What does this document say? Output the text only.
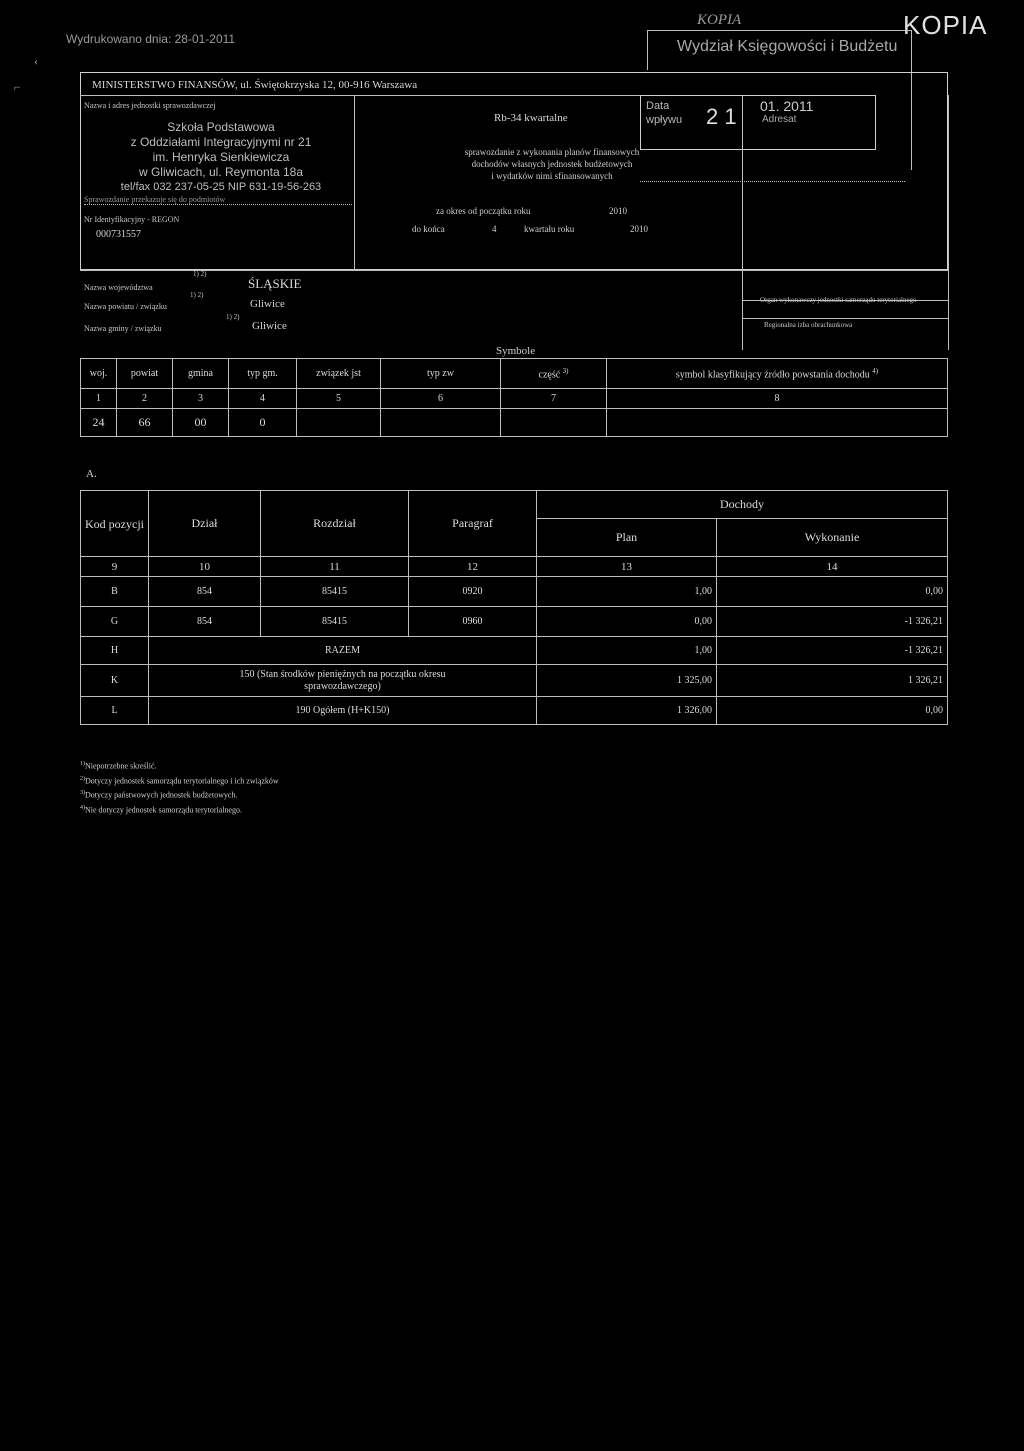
Wydrukowano dnia: 28-01-2011
KOPIA	KOPIA
Wydział Księgowości i Budżetu
‹
⌐	MINISTERSTWO FINANSÓW, ul. Świętokrzyska 12, 00-916 Warszawa
Nazwa i adres jednostki sprawozdawczej
Szkoła Podstawowa
z Oddziałami Integracyjnymi nr 21
im. Henryka Sienkiewicza
w Gliwicach, ul. Reymonta 18a
tel/fax 032 237-05-25 NIP 631-19-56-263
Sprawozdanie przekazuje się do podmiotów
Nr Identyfikacyjny - REGON
000731557
Rb-34 kwartalne
sprawozdanie z wykonania planów finansowych
dochodów własnych jednostek budżetowych
i wydatków nimi sfinansowanych
za okres od początku roku	2010
do końca	4	kwartału roku	2010
Data
wpływu 2 1 01. 2011
Adresat
Nazwa województwa
1) 2)
ŚLĄSKIE
Nazwa powiatu / związku
1) 2)
Gliwice
Nazwa gminy / związku
1) 2)
Gliwice
Organ wykonawczy jednostki samorządu terytorialnego
Regionalna izba obrachunkowa
Symbole
woj.	powiat	gmina	typ gm.	związek jst	typ zw	część $^{3)}$	symbol klasyfikujący źródło powstania dochodu $^{4)}$
1	2	3	4	5	6	7	8
24	66	00	0				
A.
Kod pozycji	Dział	Rozdział	Paragraf	Dochody	
				Plan	Wykonanie
9	10	11	12	13	14
B	854	85415	0920	1,00	0,00
G	854	85415	0960	0,00	-1 326,21
H	RAZEM			1,00	-1 326,21
K	150 (Stan środków pieniężnych na początku okresu sprawozdawczego)			1 325,00	1 326,21
L	190 Ogółem (H+K150)			1 326,00	0,00
$^{1)}$Niepotrzebne skreślić.
$^{2)}$Dotyczy jednostek samorządu terytorialnego i ich związków
$^{3)}$Dotyczy państwowych jednostek budżetowych.
$^{4)}$Nie dotyczy jednostek samorządu terytorialnego.
